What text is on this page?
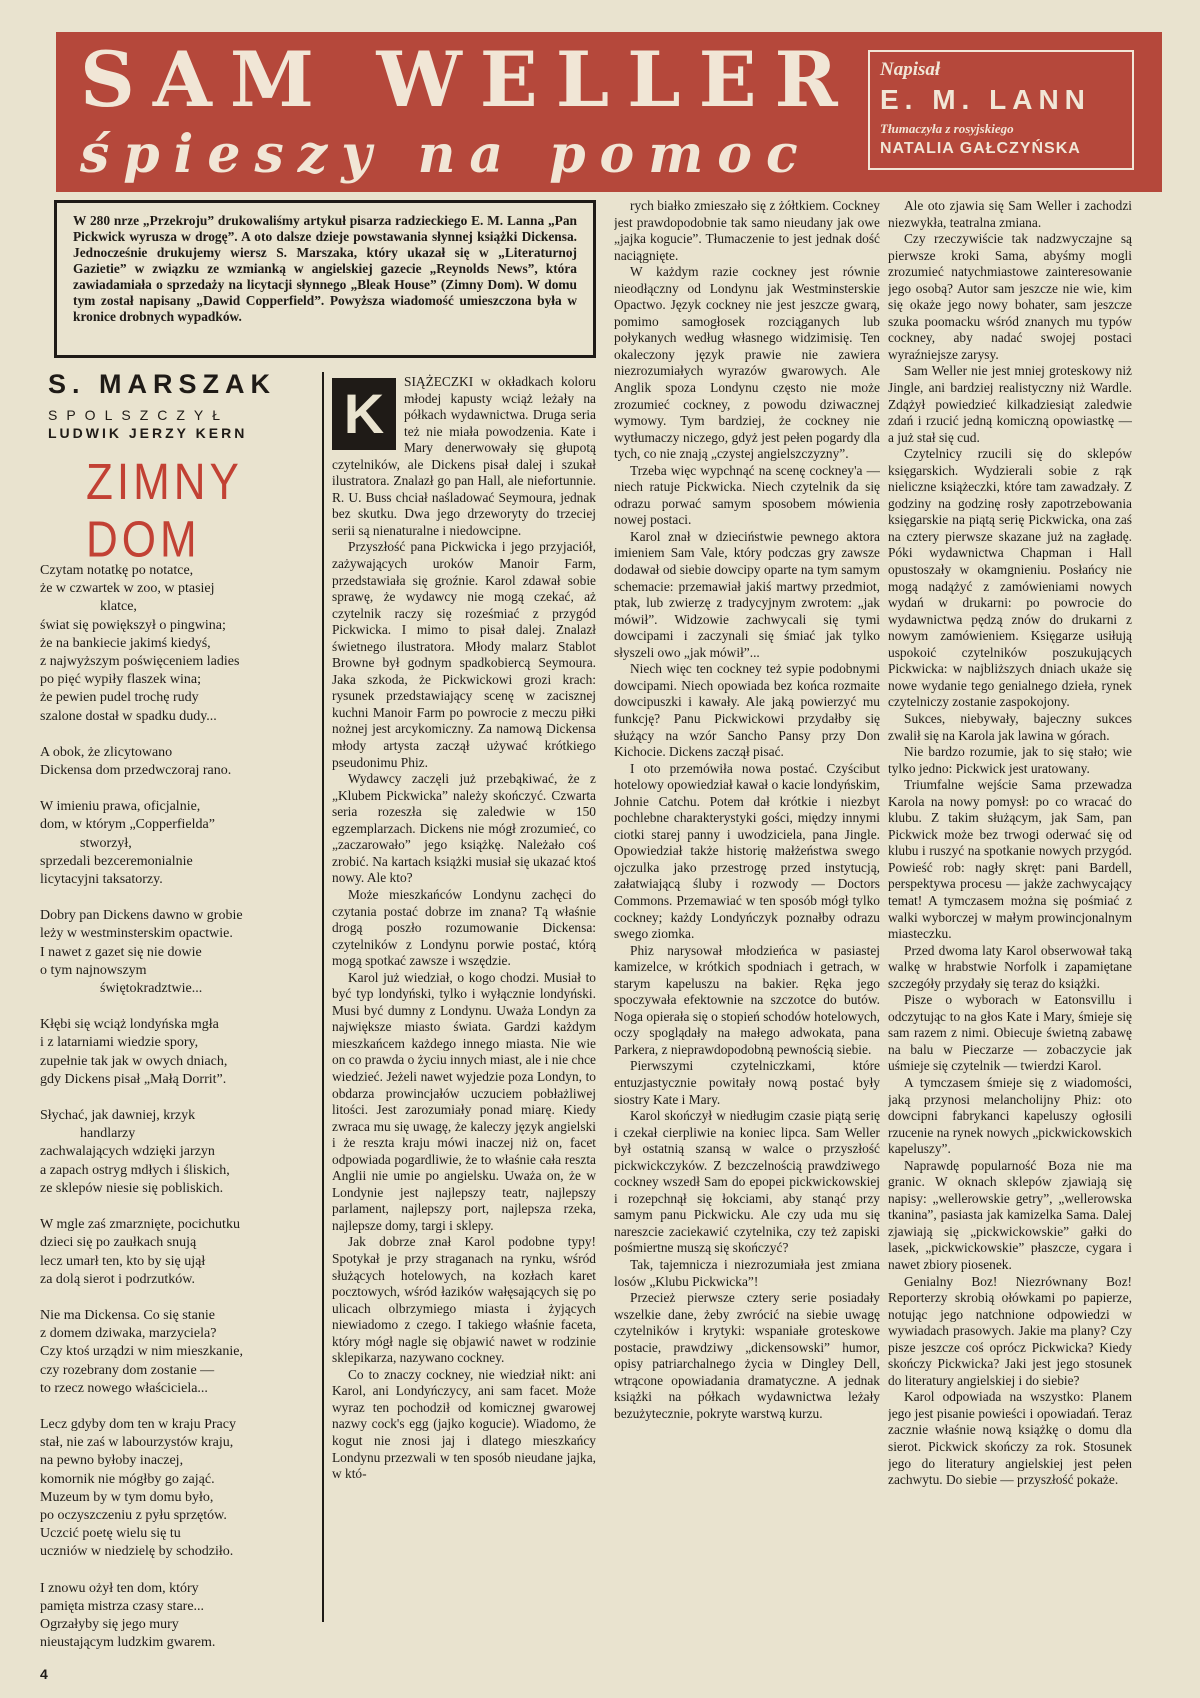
SAM WELLER
śpieszy na pomoc
Napisał
E. M. LANN
Tłumaczyła z rosyjskiego
NATALIA GAŁCZYŃSKA
W 280 nrze „Przekroju” drukowaliśmy artykuł pisarza radzieckiego E. M. Lanna „Pan Pickwick wyrusza w drogę”. A oto dalsze dzieje powstawania słynnej książki Dickensa. Jednocześnie drukujemy wiersz S. Marszaka, który ukazał się w „Literaturnoj Gazietie” w związku ze wzmianką w angielskiej gazecie „Reynolds News”, która zawiadamiała o sprzedaży na licytacji słynnego „Bleak House” (Zimny Dom). W domu tym został napisany „Dawid Copperfield”. Powyższa wiadomość umieszczona była w kronice drobnych wypadków.
S. MARSZAK
SPOLSZCZYŁ
LUDWIK JERZY KERN
ZIMNY DOM
Czytam notatkę po notatce,
że w czwartek w zoo, w ptasiej
klatce,
świat się powiększył o pingwina;
że na bankiecie jakimś kiedyś,
z najwyższym poświęceniem ladies
po pięć wypiły flaszek wina;
że pewien pudel trochę rudy
szalone dostał w spadku dudy...
A obok, że zlicytowano
Dickensa dom przedwczoraj rano.
W imieniu prawa, oficjalnie,
dom, w którym „Copperfielda”
stworzył,
sprzedali bezceremonialnie
licytacyjni taksatorzy.
Dobry pan Dickens dawno w grobie
leży w westminsterskim opactwie.
I nawet z gazet się nie dowie
o tym najnowszym
świętokradztwie...
Kłębi się wciąż londyńska mgła
i z latarniami wiedzie spory,
zupełnie tak jak w owych dniach,
gdy Dickens pisał „Małą Dorrit”.
Słychać, jak dawniej, krzyk
handlarzy
zachwalających wdzięki jarzyn
a zapach ostryg mdłych i śliskich,
ze sklepów niesie się pobliskich.
W mgle zaś zmarznięte, pocichutku
dzieci się po zaułkach snują
lecz umarł ten, kto by się ujął
za dolą sierot i podrzutków.
Nie ma Dickensa. Co się stanie
z domem dziwaka, marzyciela?
Czy ktoś urządzi w nim mieszkanie,
czy rozebrany dom zostanie —
to rzecz nowego właściciela...
Lecz gdyby dom ten w kraju Pracy
stał, nie zaś w labourzystów kraju,
na pewno byłoby inaczej,
komornik nie mógłby go zająć.
Muzeum by w tym domu było,
po oczyszczeniu z pyłu sprzętów.
Uczcić poetę wielu się tu
uczniów w niedzielę by schodziło.
I znowu ożył ten dom, który
pamięta mistrza czasy stare...
Ogrzałyby się jego mury
nieustającym ludzkim gwarem.
K

SIĄŻECZKI w okładkach koloru młodej kapusty wciąż leżały na półkach wydawnictwa. Druga seria też nie miała powodzenia. Kate i Mary denerwowały się głupotą czytelników, ale Dickens pisał dalej i szukał ilustratora. Znalazł go pan Hall, ale niefortunnie. R. U. Buss chciał naśladować Seymoura, jednak bez skutku. Dwa jego drzeworyty do trzeciej serii są nienaturalne i niedowcipne.

Przyszłość pana Pickwicka i jego przyjaciół, zażywających uroków Manoir Farm, przedstawiała się groźnie. Karol zdawał sobie sprawę, że wydawcy nie mogą czekać, aż czytelnik raczy się roześmiać z przygód Pickwicka. I mimo to pisał dalej. Znalazł świetnego ilustratora. Młody malarz Stablot Browne był godnym spadkobiercą Seymoura. Jaka szkoda, że Pickwickowi grozi krach: rysunek przedstawiający scenę w zacisznej kuchni Manoir Farm po powrocie z meczu piłki nożnej jest arcykomiczny. Za namową Dickensa młody artysta zaczął używać krótkiego pseudonimu Phiz.

Wydawcy zaczęli już przebąkiwać, że z „Klubem Pickwicka” należy skończyć. Czwarta seria rozeszła się zaledwie w 150 egzemplarzach. Dickens nie mógł zrozumieć, co „zaczarowało” jego książkę. Należało coś zrobić. Na kartach książki musiał się ukazać ktoś nowy. Ale kto?

Może mieszkańców Londynu zachęci do czytania postać dobrze im znana? Tą właśnie drogą poszło rozumowanie Dickensa: czytelników z Londynu porwie postać, którą mogą spotkać zawsze i wszędzie.

Karol już wiedział, o kogo chodzi. Musiał to być typ londyński, tylko i wyłącznie londyński. Musi być dumny z Londynu. Uważa Londyn za największe miasto świata. Gardzi każdym mieszkańcem każdego innego miasta. Nie wie on co prawda o życiu innych miast, ale i nie chce wiedzieć. Jeżeli nawet wyjedzie poza Londyn, to obdarza prowincjałów uczuciem pobłażliwej litości. Jest zarozumiały ponad miarę. Kiedy zwraca mu się uwagę, że kaleczy język angielski i że reszta kraju mówi inaczej niż on, facet odpowiada pogardliwie, że to właśnie cała reszta Anglii nie umie po angielsku. Uważa on, że w Londynie jest najlepszy teatr, najlepszy parlament, najlepszy port, najlepsza rzeka, najlepsze domy, targi i sklepy.

Jak dobrze znał Karol podobne typy! Spotykał je przy straganach na rynku, wśród służących hotelowych, na kozłach karet pocztowych, wśród łazików wałęsających się po ulicach olbrzymiego miasta i żyjących niewiadomo z czego. I takiego właśnie faceta, który mógł nagle się objawić nawet w rodzinie sklepikarza, nazywano cockney.

Co to znaczy cockney, nie wiedział nikt: ani Karol, ani Londyńczycy, ani sam facet. Może wyraz ten pochodził od komicznej gwarowej nazwy cock's egg (jajko kogucie). Wiadomo, że kogut nie znosi jaj i dlatego mieszkańcy Londynu przezwali w ten sposób nieudane jajka, w któ-

rych białko zmieszało się z żółtkiem. Cockney jest prawdopodobnie tak samo nieudany jak owe „jajka kogucie”. Tłumaczenie to jest jednak dość naciągnięte.

W każdym razie cockney jest równie nieodłączny od Londynu jak Westminsterskie Opactwo. Język cockney nie jest jeszcze gwarą, pomimo samogłosek rozciąganych lub połykanych według własnego widzimisię. Ten okaleczony język prawie nie zawiera niezrozumiałych wyrazów gwarowych. Ale Anglik spoza Londynu często nie może zrozumieć cockney, z powodu dziwacznej wymowy. Tym bardziej, że cockney nie wytłumaczy niczego, gdyż jest pełen pogardy dla tych, co nie znają „czystej angielszczyzny”.

Trzeba więc wypchnąć na scenę cockney'a — niech ratuje Pickwicka. Niech czytelnik da się odrazu porwać samym sposobem mówienia nowej postaci.

Karol znał w dzieciństwie pewnego aktora imieniem Sam Vale, który podczas gry zawsze dodawał od siebie dowcipy oparte na tym samym schemacie: przemawiał jakiś martwy przedmiot, ptak, lub zwierzę z tradycyjnym zwrotem: „jak mówił”. Widzowie zachwycali się tymi dowcipami i zaczynali się śmiać jak tylko słyszeli owo „jak mówił”...

Niech więc ten cockney też sypie podobnymi dowcipami. Niech opowiada bez końca rozmaite dowcipuszki i kawały. Ale jaką powierzyć mu funkcję? Panu Pickwickowi przydałby się służący na wzór Sancho Pansy przy Don Kichocie. Dickens zaczął pisać.

I oto przemówiła nowa postać. Czyścibut hotelowy opowiedział kawał o kacie londyńskim, Johnie Catchu. Potem dał krótkie i niezbyt pochlebne charakterystyki gości, między innymi ciotki starej panny i uwodziciela, pana Jingle. Opowiedział także historię małżeństwa swego ojczulka jako przestrogę przed instytucją, załatwiającą śluby i rozwody — Doctors Commons. Przemawiać w ten sposób mógł tylko cockney; każdy Londyńczyk poznałby odrazu swego ziomka.

Phiz narysował młodzieńca w pasiastej kamizelce, w krótkich spodniach i getrach, w starym kapeluszu na bakier. Ręka jego spoczywała efektownie na szczotce do butów. Noga opierała się o stopień schodów hotelowych, oczy spoglądały na małego adwokata, pana Parkera, z nieprawdopodobną pewnością siebie.

Pierwszymi czytelniczkami, które entuzjastycznie powitały nową postać były siostry Kate i Mary.

Karol skończył w niedługim czasie piątą serię i czekał cierpliwie na koniec lipca. Sam Weller był ostatnią szansą w walce o przyszłość pickwickczyków. Z bezczelnością prawdziwego cockney wszedł Sam do epopei pickwickowskiej i rozepchnął się łokciami, aby stanąć przy samym panu Pickwicku. Ale czy uda mu się nareszcie zaciekawić czytelnika, czy też zapiski pośmiertne muszą się skończyć?

Tak, tajemnicza i niezrozumiała jest zmiana losów „Klubu Pickwicka”!

Przecież pierwsze cztery serie posiadały wszelkie dane, żeby zwrócić na siebie uwagę czytelników i krytyki: wspaniałe groteskowe postacie, prawdziwy „dickensowski” humor, opisy patriarchalnego życia w Dingley Dell, wtrącone opowiadania dramatyczne. A jednak książki na półkach wydawnictwa leżały bezużytecznie, pokryte warstwą kurzu.

Ale oto zjawia się Sam Weller i zachodzi niezwykła, teatralna zmiana.

Czy rzeczywiście tak nadzwyczajne są pierwsze kroki Sama, abyśmy mogli zrozumieć natychmiastowe zainteresowanie jego osobą? Autor sam jeszcze nie wie, kim się okaże jego nowy bohater, sam jeszcze szuka poomacku wśród znanych mu typów cockney, aby nadać swojej postaci wyraźniejsze zarysy.

Sam Weller nie jest mniej groteskowy niż Jingle, ani bardziej realistyczny niż Wardle. Zdążył powiedzieć kilkadziesiąt zaledwie zdań i rzucić jedną komiczną opowiastkę — a już stał się cud.

Czytelnicy rzucili się do sklepów księgarskich. Wydzierali sobie z rąk nieliczne książeczki, które tam zawadzały. Z godziny na godzinę rosły zapotrzebowania księgarskie na piątą serię Pickwicka, ona zaś na cztery pierwsze skazane już na zagładę. Póki wydawnictwa Chapman i Hall opustoszały w okamgnieniu. Posłańcy nie mogą nadążyć z zamówieniami nowych wydań w drukarni: po powrocie do wydawnictwa pędzą znów do drukarni z nowym zamówieniem. Księgarze usiłują uspokoić czytelników poszukujących Pickwicka: w najbliższych dniach ukaże się nowe wydanie tego genialnego dzieła, rynek czytelniczy zostanie zaspokojony.

Sukces, niebywały, bajeczny sukces zwalił się na Karola jak lawina w górach.

Nie bardzo rozumie, jak to się stało; wie tylko jedno: Pickwick jest uratowany.

Triumfalne wejście Sama przewadza Karola na nowy pomysł: po co wracać do klubu. Z takim służącym, jak Sam, pan Pickwick może bez trwogi oderwać się od klubu i ruszyć na spotkanie nowych przygód. Powieść rob: nagły skręt: pani Bardell, perspektywa procesu — jakże zachwycający temat! A tymczasem można się pośmiać z walki wyborczej w małym prowincjonalnym miasteczku.

Przed dwoma laty Karol obserwował taką walkę w hrabstwie Norfolk i zapamiętane szczegóły przydały się teraz do książki.

Pisze o wyborach w Eatonsvillu i odczytując to na głos Kate i Mary, śmieje się sam razem z nimi. Obiecuje świetną zabawę na balu w Pieczarze — zobaczycie jak uśmieje się czytelnik — twierdzi Karol.

A tymczasem śmieje się z wiadomości, jaką przynosi melancholijny Phiz: oto dowcipni fabrykanci kapeluszy ogłosili rzucenie na rynek nowych „pickwickowskich kapeluszy”.

Naprawdę popularność Boza nie ma granic. W oknach sklepów zjawiają się napisy: „wellerowskie getry”, „wellerowska tkanina”, pasiasta jak kamizelka Sama. Dalej zjawiają się „pickwickowskie” gałki do lasek, „pickwickowskie” płaszcze, cygara i nawet zbiory piosenek.

Genialny Boz! Niezrównany Boz! Reporterzy skrobią ołówkami po papierze, notując jego natchnione odpowiedzi w wywiadach prasowych. Jakie ma plany? Czy pisze jeszcze coś oprócz Pickwicka? Kiedy skończy Pickwicka? Jaki jest jego stosunek do literatury angielskiej i do siebie?

Karol odpowiada na wszystko: Planem jego jest pisanie powieści i opowiadań. Teraz zacznie właśnie nową książkę o domu dla sierot. Pickwick skończy za rok. Stosunek jego do literatury angielskiej jest pełen zachwytu. Do siebie — przyszłość pokaże.

4
